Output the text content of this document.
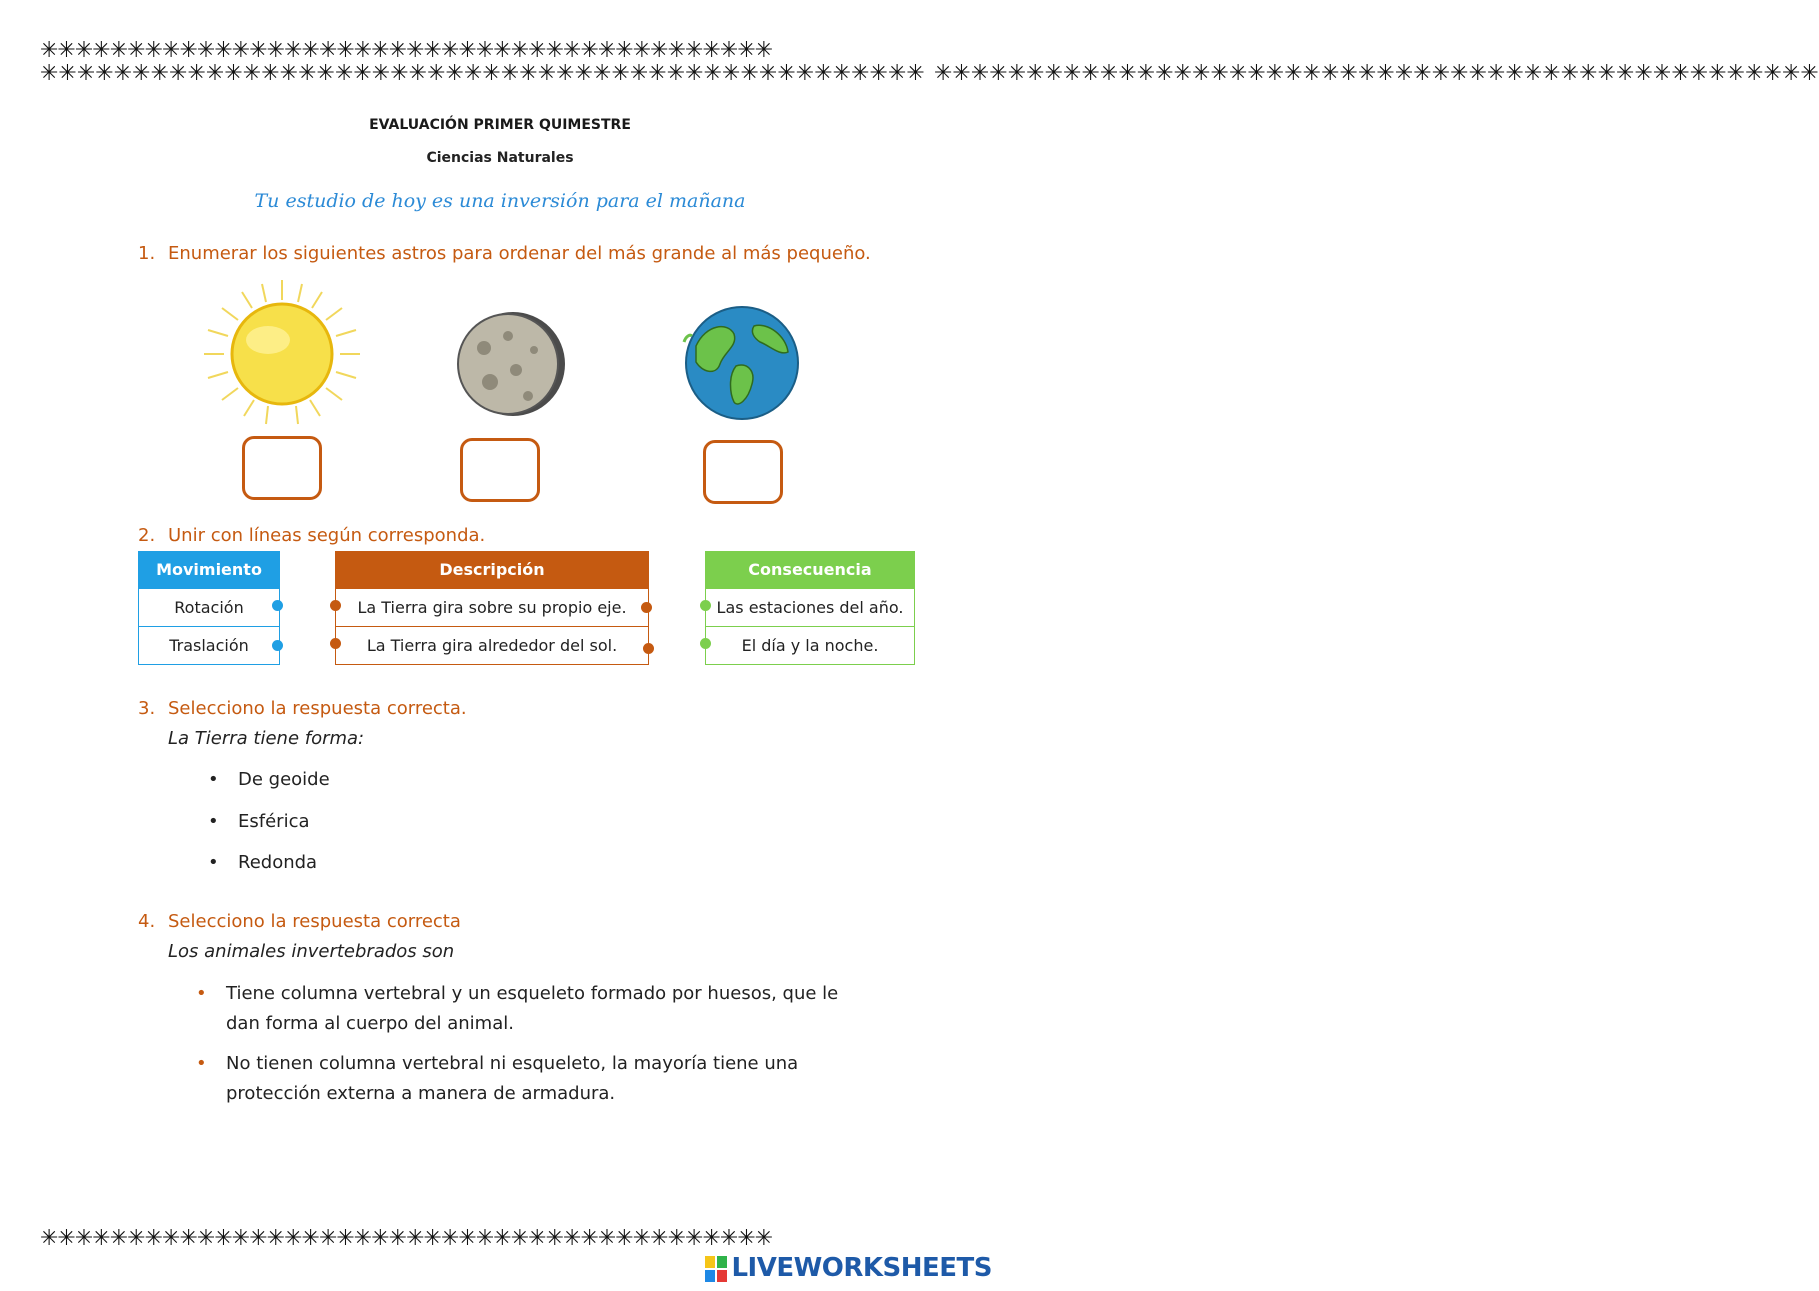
✳✳✳✳✳✳✳✳✳✳✳✳✳✳✳✳✳✳✳✳✳✳✳✳✳✳✳✳✳✳✳✳✳✳✳✳✳✳✳✳✳✳
✳✳✳✳✳✳✳✳✳✳✳✳✳✳✳✳✳✳✳✳✳✳✳✳✳✳✳✳✳✳✳✳✳✳✳✳✳✳✳✳✳✳
✳✳✳✳✳✳✳✳✳✳✳✳✳✳✳✳✳✳✳✳✳✳✳✳✳✳✳✳✳✳✳✳✳✳✳✳✳✳✳✳✳✳✳✳✳✳✳✳ ✳✳✳✳✳✳✳✳✳✳✳✳✳✳✳✳✳✳✳✳✳✳✳✳✳✳✳✳✳✳✳✳✳✳✳✳✳✳✳✳✳✳✳✳✳✳✳✳
EVALUACIÓN PRIMER QUIMESTRE
Ciencias Naturales
Tu estudio de hoy es una inversión para el mañana
1. Enumerar los siguientes astros para ordenar del más grande al más pequeño.
2. Unir con líneas según corresponda.
Movimiento
Rotación
Traslación
Descripción
La Tierra gira sobre su propio eje.
La Tierra gira alrededor del sol.
Consecuencia
Las estaciones del año.
El día y la noche.
3. Selecciono la respuesta correcta.
La Tierra tiene forma:
• De geoide
• Esférica
• Redonda
4. Selecciono la respuesta correcta
Los animales invertebrados son
• Tiene columna vertebral y un esqueleto formado por huesos, que le dan forma al cuerpo del animal.
• No tienen columna vertebral ni esqueleto, la mayoría tiene una protección externa a manera de armadura.
LIVEWORKSHEETS
